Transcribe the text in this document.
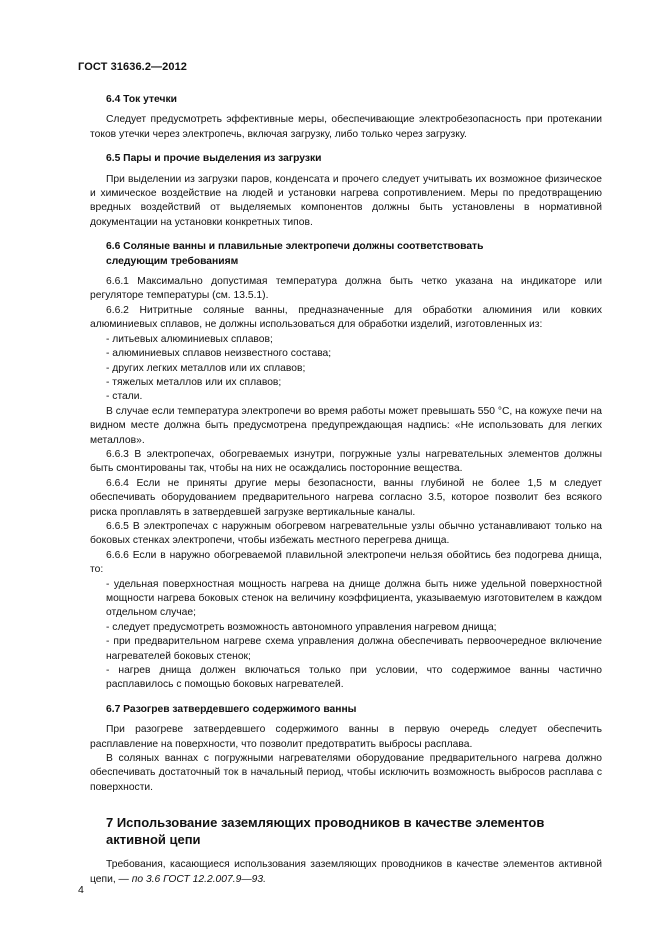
ГОСТ 31636.2—2012
6.4 Ток утечки

Следует предусмотреть эффективные меры, обеспечивающие электробезопасность при протекании токов утечки через электропечь, включая загрузку, либо только через загрузку.

6.5 Пары и прочие выделения из загрузки

При выделении из загрузки паров, конденсата и прочего следует учитывать их возможное физическое и химическое воздействие на людей и установки нагрева сопротивлением. Меры по предотвращению вредных воздействий от выделяемых компонентов должны быть установлены в нормативной документации на установки конкретных типов.

6.6 Соляные ванны и плавильные электропечи должны соответствовать
следующим требованиям

6.6.1 Максимально допустимая температура должна быть четко указана на индикаторе или регуляторе температуры (см. 13.5.1).

6.6.2 Нитритные соляные ванны, предназначенные для обработки алюминия или ковких алюминиевых сплавов, не должны использоваться для обработки изделий, изготовленных из:

- литьевых алюминиевых сплавов;

- алюминиевых сплавов неизвестного состава;

- других легких металлов или их сплавов;

- тяжелых металлов или их сплавов;

- стали.

В случае если температура электропечи во время работы может превышать 550 °С, на кожухе печи на видном месте должна быть предусмотрена предупреждающая надпись: «Не использовать для легких металлов».

6.6.3 В электропечах, обогреваемых изнутри, погружные узлы нагревательных элементов должны быть смонтированы так, чтобы на них не осаждались посторонние вещества.

6.6.4 Если не приняты другие меры безопасности, ванны глубиной не более 1,5 м следует обеспечивать оборудованием предварительного нагрева согласно 3.5, которое позволит без всякого риска проплавлять в затвердевшей загрузке вертикальные каналы.

6.6.5 В электропечах с наружным обогревом нагревательные узлы обычно устанавливают только на боковых стенках электропечи, чтобы избежать местного перегрева днища.

6.6.6 Если в наружно обогреваемой плавильной электропечи нельзя обойтись без подогрева днища, то:

- удельная поверхностная мощность нагрева на днище должна быть ниже удельной поверхностной мощности нагрева боковых стенок на величину коэффициента, указываемую изготовителем в каждом отдельном случае;

- следует предусмотреть возможность автономного управления нагревом днища;

- при предварительном нагреве схема управления должна обеспечивать первоочередное включение нагревателей боковых стенок;

- нагрев днища должен включаться только при условии, что содержимое ванны частично расплавилось с помощью боковых нагревателей.

6.7 Разогрев затвердевшего содержимого ванны

При разогреве затвердевшего содержимого ванны в первую очередь следует обеспечить расплавление на поверхности, что позволит предотвратить выбросы расплава.

В соляных ваннах с погружными нагревателями оборудование предварительного нагрева должно обеспечивать достаточный ток в начальный период, чтобы исключить возможность выбросов расплава с поверхности.

7 Использование заземляющих проводников в качестве элементов
активной цепи

Требования, касающиеся использования заземляющих проводников в качестве элементов активной цепи, — по 3.6 ГОСТ 12.2.007.9—93.

4
